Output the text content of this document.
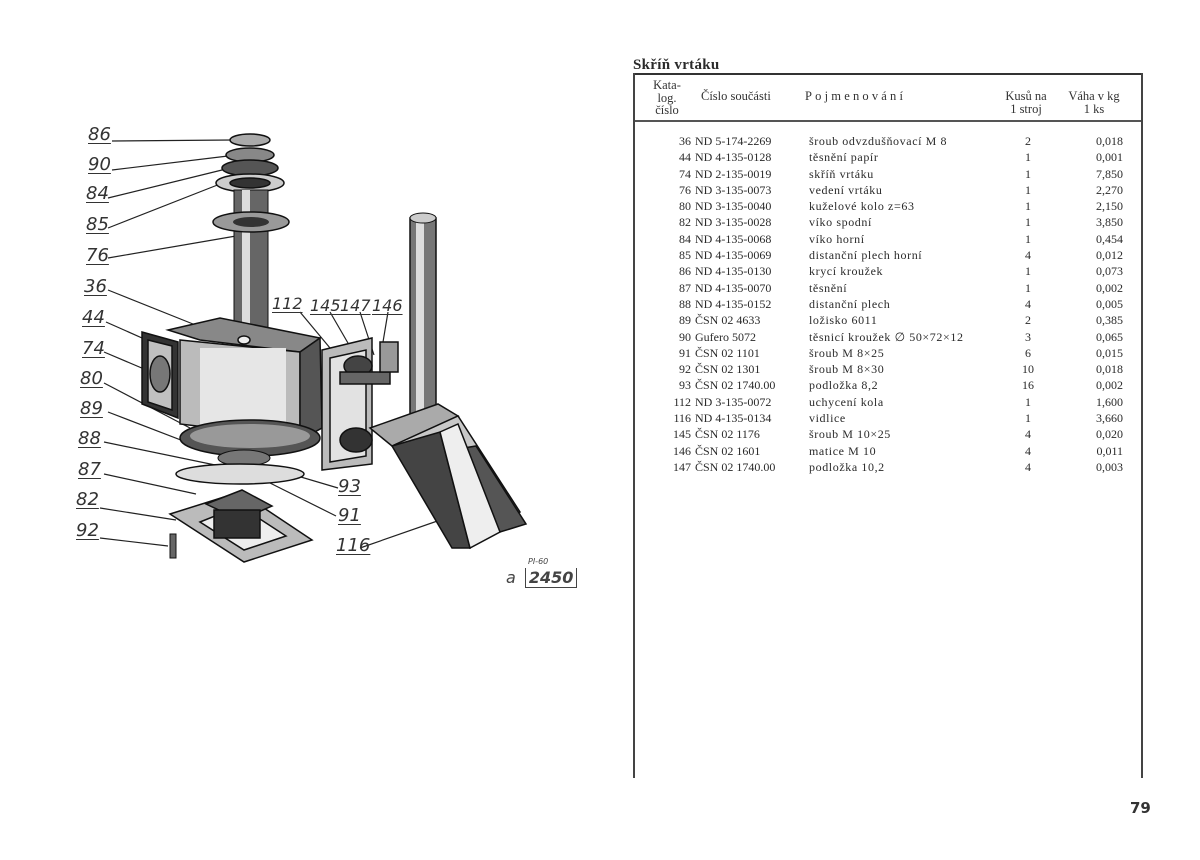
86
90
84
85
76
36
44
74
80
89
88
87
82
92
112 145 147 146
93
91
116
PI-60
a 2450
Skříň vrtáku
Kata-
log.
číslo
Číslo součásti	Pojmenování	Kusů na
1 stroj
Váha v kg
1 ks
36 ND 5-174-2269	šroub odvzdušňovací M 8	2	0,018
44 ND 4-135-0128	těsnění papír	1	0,001
74 ND 2-135-0019	skříň vrtáku	1	7,850
76 ND 3-135-0073	vedení vrtáku	1	2,270
80 ND 3-135-0040	kuželové kolo z=63	1	2,150
82 ND 3-135-0028	víko spodní	1	3,850
84 ND 4-135-0068	víko horní	1	0,454
85 ND 4-135-0069	distanční plech horní	4	0,012
86 ND 4-135-0130	krycí kroužek	1	0,073
87 ND 4-135-0070	těsnění	1	0,002
88 ND 4-135-0152	distanční plech	4	0,005
89 ČSN 02 4633	ložisko 6011	2	0,385
90 Gufero 5072	těsnicí kroužek ∅ 50×72×12	3	0,065
91 ČSN 02 1101	šroub M 8×25	6	0,015
92 ČSN 02 1301	šroub M 8×30	10	0,018
93 ČSN 02 1740.00	podložka 8,2	16	0,002
112 ND 3-135-0072	uchycení kola	1	1,600
116 ND 4-135-0134	vidlice	1	3,660
145 ČSN 02 1176	šroub M 10×25	4	0,020
146 ČSN 02 1601	matice M 10	4	0,011
147 ČSN 02 1740.00	podložka 10,2	4	0,003
79
